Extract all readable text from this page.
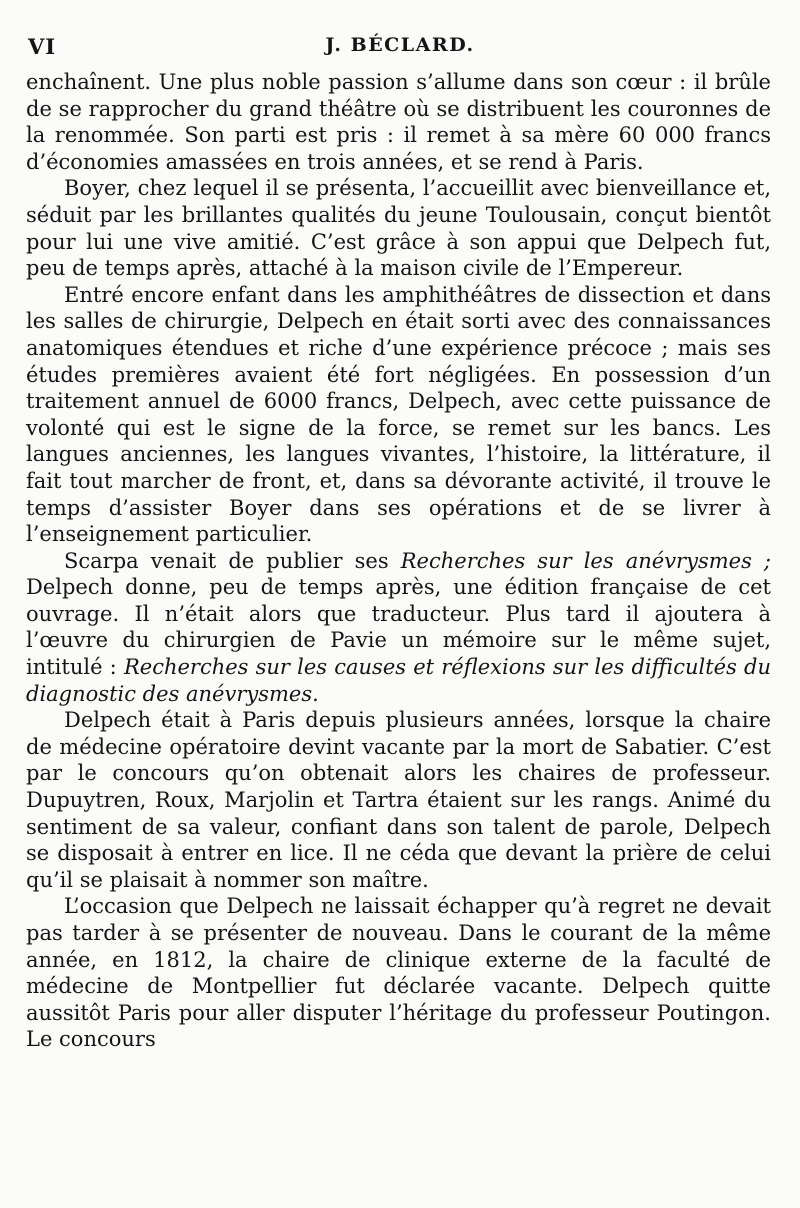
VI	J. BÉCLARD.

enchaînent. Une plus noble passion s’allume dans son cœur : il brûle de se rapprocher du grand théâtre où se distribuent les couronnes de la renommée. Son parti est pris : il remet à sa mère 60 000 francs d’économies amassées en trois années, et se rend à Paris.

Boyer, chez lequel il se présenta, l’accueillit avec bienveillance et, séduit par les brillantes qualités du jeune Toulousain, conçut bientôt pour lui une vive amitié. C’est grâce à son appui que Delpech fut, peu de temps après, attaché à la maison civile de l’Empereur.

Entré encore enfant dans les amphithéâtres de dissection et dans les salles de chirurgie, Delpech en était sorti avec des connaissances anatomiques étendues et riche d’une expérience précoce ; mais ses études premières avaient été fort négligées. En possession d’un traitement annuel de 6000 francs, Delpech, avec cette puissance de volonté qui est le signe de la force, se remet sur les bancs. Les langues anciennes, les langues vivantes, l’histoire, la littérature, il fait tout marcher de front, et, dans sa dévorante activité, il trouve le temps d’assister Boyer dans ses opérations et de se livrer à l’enseignement particulier.

Scarpa venait de publier ses Recherches sur les anévrysmes ; Delpech donne, peu de temps après, une édition française de cet ouvrage. Il n’était alors que traducteur. Plus tard il ajoutera à l’œuvre du chirurgien de Pavie un mémoire sur le même sujet, intitulé : Recherches sur les causes et réflexions sur les difficultés du diagnostic des anévrysmes.

Delpech était à Paris depuis plusieurs années, lorsque la chaire de médecine opératoire devint vacante par la mort de Sabatier. C’est par le concours qu’on obtenait alors les chaires de professeur. Dupuytren, Roux, Marjolin et Tartra étaient sur les rangs. Animé du sentiment de sa valeur, confiant dans son talent de parole, Delpech se disposait à entrer en lice. Il ne céda que devant la prière de celui qu’il se plaisait à nommer son maître.

L’occasion que Delpech ne laissait échapper qu’à regret ne devait pas tarder à se présenter de nouveau. Dans le courant de la même année, en 1812, la chaire de clinique externe de la faculté de médecine de Montpellier fut déclarée vacante. Delpech quitte aussitôt Paris pour aller disputer l’héritage du professeur Poutingon. Le concours
